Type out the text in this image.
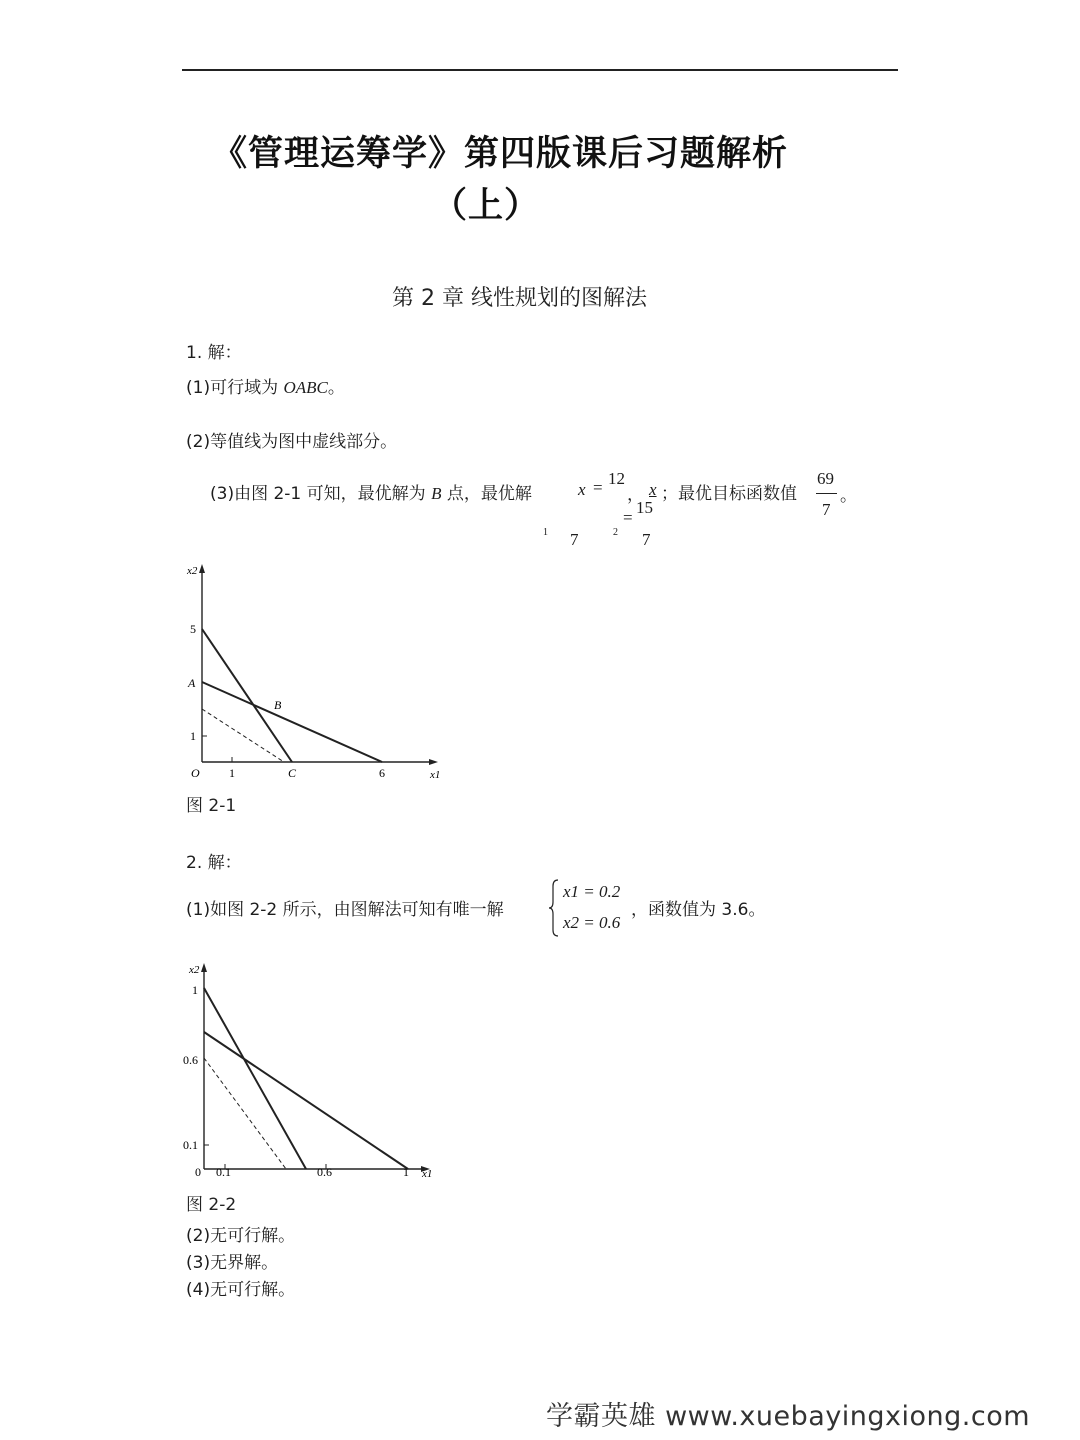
《管理运筹学》第四版课后习题解析
（上）
第 2 章 线性规划的图解法
1. 解：
(1)可行域为 OABC。
(2)等值线为图中虚线部分。
(3)由图 2-1 可知，最优解为 B 点，最优解	x = 12
， x ；最优目标函数值
69
7
。
15
=
1 7	2 7
x2
x1
5
A
1
O 1	C	6
B
图 2-1
2. 解：
(1)如图 2-2 所示，由图解法可知有唯一解
x1 = 0.2
x2 = 0.6
，函数值为 3.6。
x2
x1
1
0.6
0.1
0 0.1	0.6	1
图 2-2
(2)无可行解。
(3)无界解。
(4)无可行解。
学霸英雄 www.xuebayingxiong.com
